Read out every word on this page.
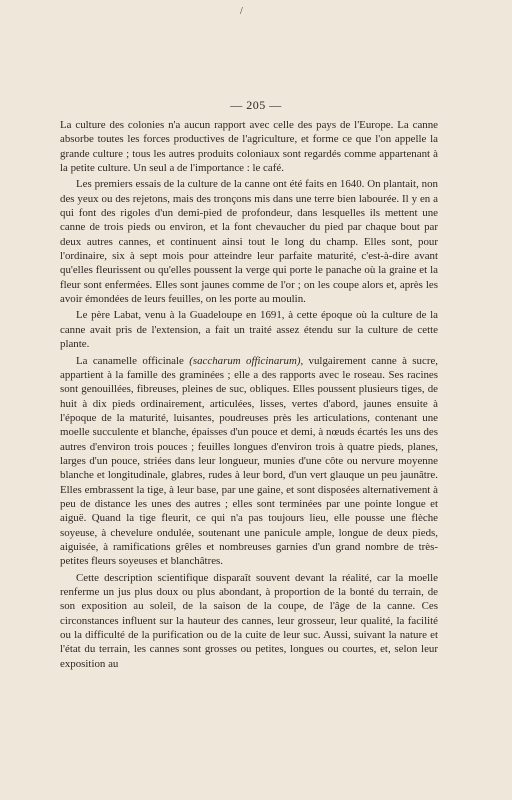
/
— 205 —

La culture des colonies n'a aucun rapport avec celle des pays de l'Europe. La canne absorbe toutes les forces productives de l'agriculture, et forme ce que l'on appelle la grande culture ; tous les autres produits coloniaux sont regardés comme appartenant à la petite culture. Un seul a de l'importance : le café.

Les premiers essais de la culture de la canne ont été faits en 1640. On plantait, non des yeux ou des rejetons, mais des tronçons mis dans une terre bien labourée. Il y en a qui font des rigoles d'un demi-pied de profondeur, dans lesquelles ils mettent une canne de trois pieds ou environ, et la font chevaucher du pied par chaque bout par deux autres cannes, et continuent ainsi tout le long du champ. Elles sont, pour l'ordinaire, six à sept mois pour atteindre leur parfaite maturité, c'est-à-dire avant qu'elles fleurissent ou qu'elles poussent la verge qui porte le panache où la graine et la fleur sont enfermées. Elles sont jaunes comme de l'or ; on les coupe alors et, après les avoir émondées de leurs feuilles, on les porte au moulin.

Le père Labat, venu à la Guadeloupe en 1691, à cette époque où la culture de la canne avait pris de l'extension, a fait un traité assez étendu sur la culture de cette plante.

La canamelle officinale (saccharum officinarum), vulgairement canne à sucre, appartient à la famille des graminées ; elle a des rapports avec le roseau. Ses racines sont genouillées, fibreuses, pleines de suc, obliques. Elles poussent plusieurs tiges, de huit à dix pieds ordinairement, articulées, lisses, vertes d'abord, jaunes ensuite à l'époque de la maturité, luisantes, poudreuses près les articulations, contenant une moelle succulente et blanche, épaisses d'un pouce et demi, à nœuds écartés les uns des autres d'environ trois pouces ; feuilles longues d'environ trois à quatre pieds, planes, larges d'un pouce, striées dans leur longueur, munies d'une côte ou nervure moyenne blanche et longitudinale, glabres, rudes à leur bord, d'un vert glauque un peu jaunâtre. Elles embrassent la tige, à leur base, par une gaine, et sont disposées alternativement à peu de distance les unes des autres ; elles sont terminées par une pointe longue et aiguë. Quand la tige fleurit, ce qui n'a pas toujours lieu, elle pousse une flèche soyeuse, à chevelure ondulée, soutenant une panicule ample, longue de deux pieds, aiguisée, à ramifications grêles et nombreuses garnies d'un grand nombre de très-petites fleurs soyeuses et blanchâtres.

Cette description scientifique disparaît souvent devant la réalité, car la moelle renferme un jus plus doux ou plus abondant, à proportion de la bonté du terrain, de son exposition au soleil, de la saison de la coupe, de l'âge de la canne. Ces circonstances influent sur la hauteur des cannes, leur grosseur, leur qualité, la facilité ou la difficulté de la purification ou de la cuite de leur suc. Aussi, suivant la nature et l'état du terrain, les cannes sont grosses ou petites, longues ou courtes, et, selon leur exposition au
